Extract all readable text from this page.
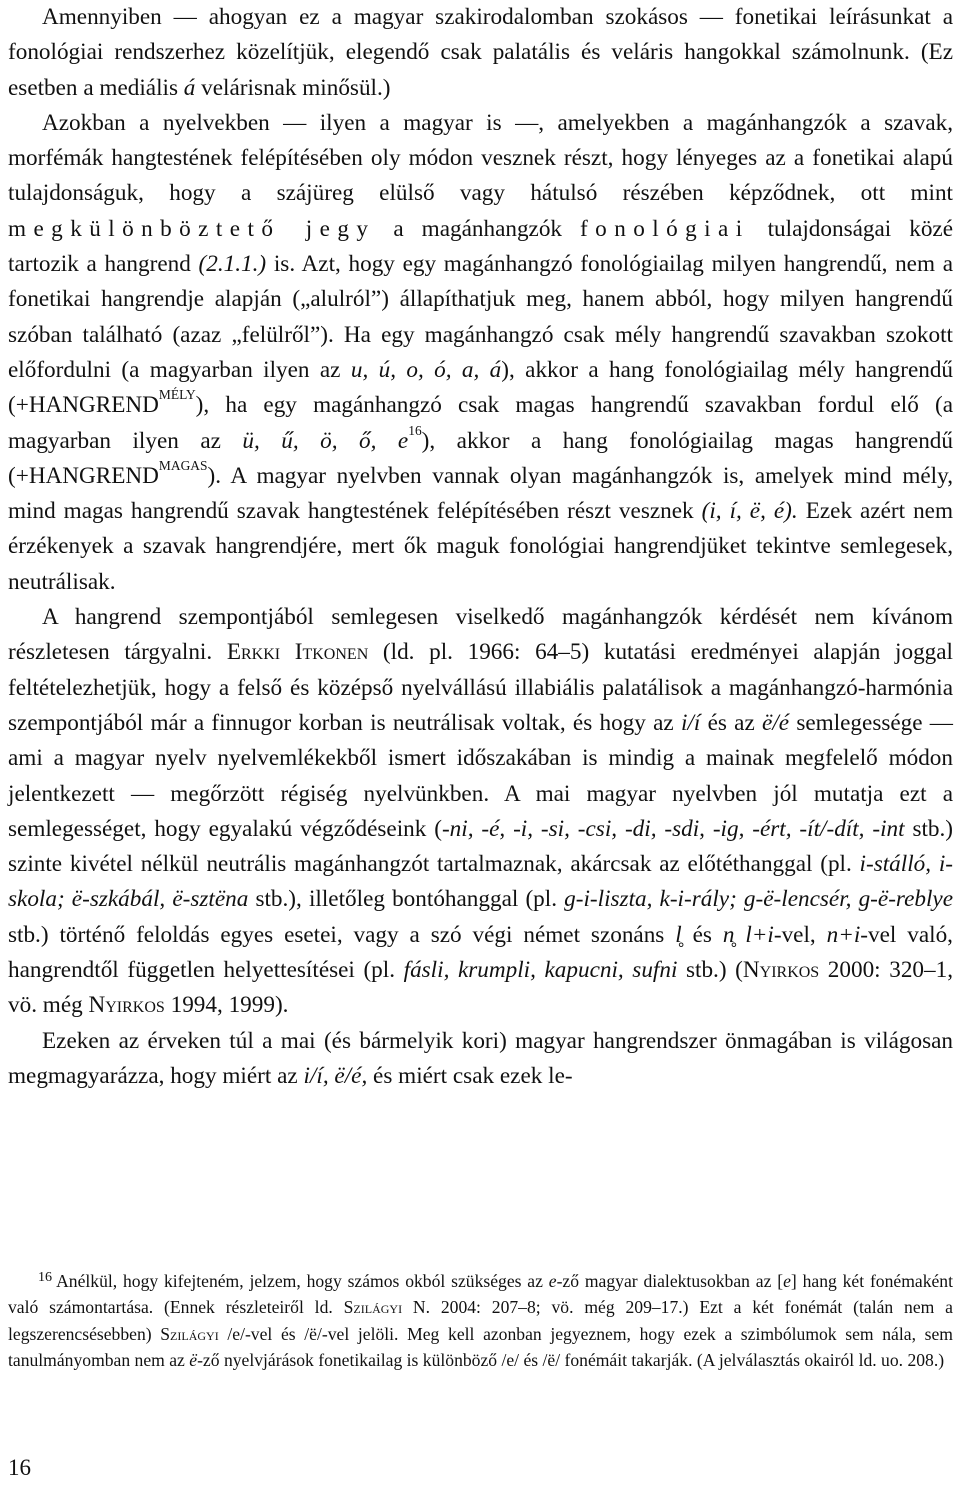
Amennyiben — ahogyan ez a magyar szakirodalomban szokásos — fonetikai leírásunkat a fonológiai rendszerhez közelítjük, elegendő csak palatális és veláris hangokkal számolnunk. (Ez esetben a mediális á velárisnak minősül.)

Azokban a nyelvekben — ilyen a magyar is —, amelyekben a magánhangzók a szavak, morfémák hangtestének felépítésében oly módon vesznek részt, hogy lényeges az a fonetikai alapú tulajdonságuk, hogy a szájüreg elülső vagy hátulsó részében képződnek, ott mint megkülönböztető jegy a magánhangzók fonológiai tulajdonságai közé tartozik a hangrend (2.1.1.) is. Azt, hogy egy magánhangzó fonológiailag milyen hangrendű, nem a fonetikai hangrendje alapján („alulról”) állapíthatjuk meg, hanem abból, hogy milyen hangrendű szóban található (azaz „felülről”). Ha egy magánhangzó csak mély hangrendű szavakban szokott előfordulni (a magyarban ilyen az u, ú, o, ó, a, á), akkor a hang fonológiailag mély hangrendű $(+HANGREND^{MÉLY})$, ha egy magánhangzó csak magas hangrendű szavakban fordul elő (a magyarban ilyen az ü, ű, ö, ő, $e^{16}$), akkor a hang fonológiailag magas hangrendű $(+HANGREND^{MAGAS})$. A magyar nyelvben vannak olyan magánhangzók is, amelyek mind mély, mind magas hangrendű szavak hangtestének felépítésében részt vesznek (i, í, ë, é). Ezek azért nem érzékenyek a szavak hangrendjére, mert ők maguk fonológiai hangrendjüket tekintve semlegesek, neutrálisak.

A hangrend szempontjából semlegesen viselkedő magánhangzók kérdését nem kívánom részletesen tárgyalni. Erkki Itkonen (ld. pl. 1966: 64–5) kutatási eredményei alapján joggal feltételezhetjük, hogy a felső és középső nyelvállású illabiális palatálisok a magánhangzó-harmónia szempontjából már a finnugor korban is neutrálisak voltak, és hogy az i/í és az ë/é semlegessége — ami a magyar nyelv nyelvemlékekből ismert időszakában is mindig a mainak megfelelő módon jelentkezett — megőrzött régiség nyelvünkben. A mai magyar nyelvben jól mutatja ezt a semlegességet, hogy egyalakú végződéseink (-ni, -é, -i, -si, -csi, -di, -sdi, -ig, -ért, -ít/-dít, -int stb.) szinte kivétel nélkül neutrális magánhangzót tartalmaznak, akárcsak az előtéthanggal (pl. i-stálló, i-skola; ë-szkábál, ë-sztëna stb.), illetőleg bontóhanggal (pl. g-i-liszta, k-i-rály; g-ë-lencsér, g-ë-reblye stb.) történő feloldás egyes esetei, vagy a szó végi német szonáns l̥ és n̥ l+i-vel, n+i-vel való, hangrendtől független helyettesítései (pl. fásli, krumpli, kapucni, sufni stb.) (Nyirkos 2000: 320–1, vö. még Nyirkos 1994, 1999).

Ezeken az érveken túl a mai (és bármelyik kori) magyar hangrendszer önmagában is világosan megmagyarázza, hogy miért az i/í, ë/é, és miért csak ezek le-

$^{16}$ Anélkül, hogy kifejteném, jelzem, hogy számos okból szükséges az e-ző magyar dialektusokban az [e] hang két fonémaként való számontartása. (Ennek részleteiről ld. Szilágyi N. 2004: 207–8; vö. még 209–17.) Ezt a két fonémát (talán nem a legszerencsésebben) Szilágyi /e/-vel és /ë/-vel jelöli. Meg kell azonban jegyeznem, hogy ezek a szimbólumok sem nála, sem tanulmányomban nem az ë-ző nyelvjárások fonetikailag is különböző /e/ és /ë/ fonémáit takarják. (A jelválasztás okairól ld. uo. 208.)

16
